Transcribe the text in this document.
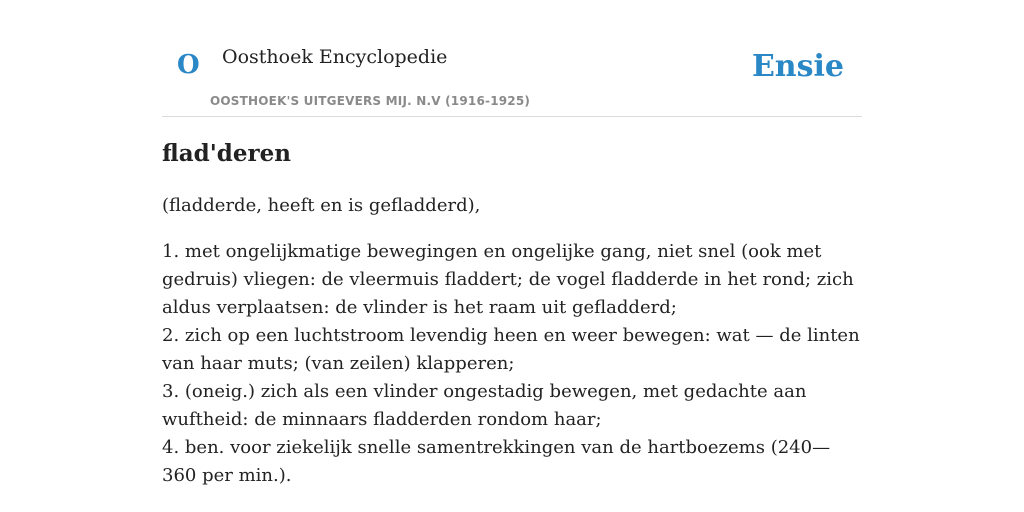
O Oosthoek Encyclopedie
OOSTHOEK'S UITGEVERS MIJ. N.V (1916-1925)
Ensie
flad'deren
(fladderde, heeft en is gefladderd),
1. met ongelijkmatige bewegingen en ongelijke gang, niet snel (ook met gedruis) vliegen: de vleermuis fladdert; de vogel fladderde in het rond; zich aldus verplaatsen: de vlinder is het raam uit gefladderd;
2. zich op een luchtstroom levendig heen en weer bewegen: wat — de linten van haar muts; (van zeilen) klapperen;
3. (oneig.) zich als een vlinder ongestadig bewegen, met gedachte aan wuftheid: de minnaars fladderden rondom haar;
4. ben. voor ziekelijk snelle samentrekkingen van de hartboezems (240— 360 per min.).
